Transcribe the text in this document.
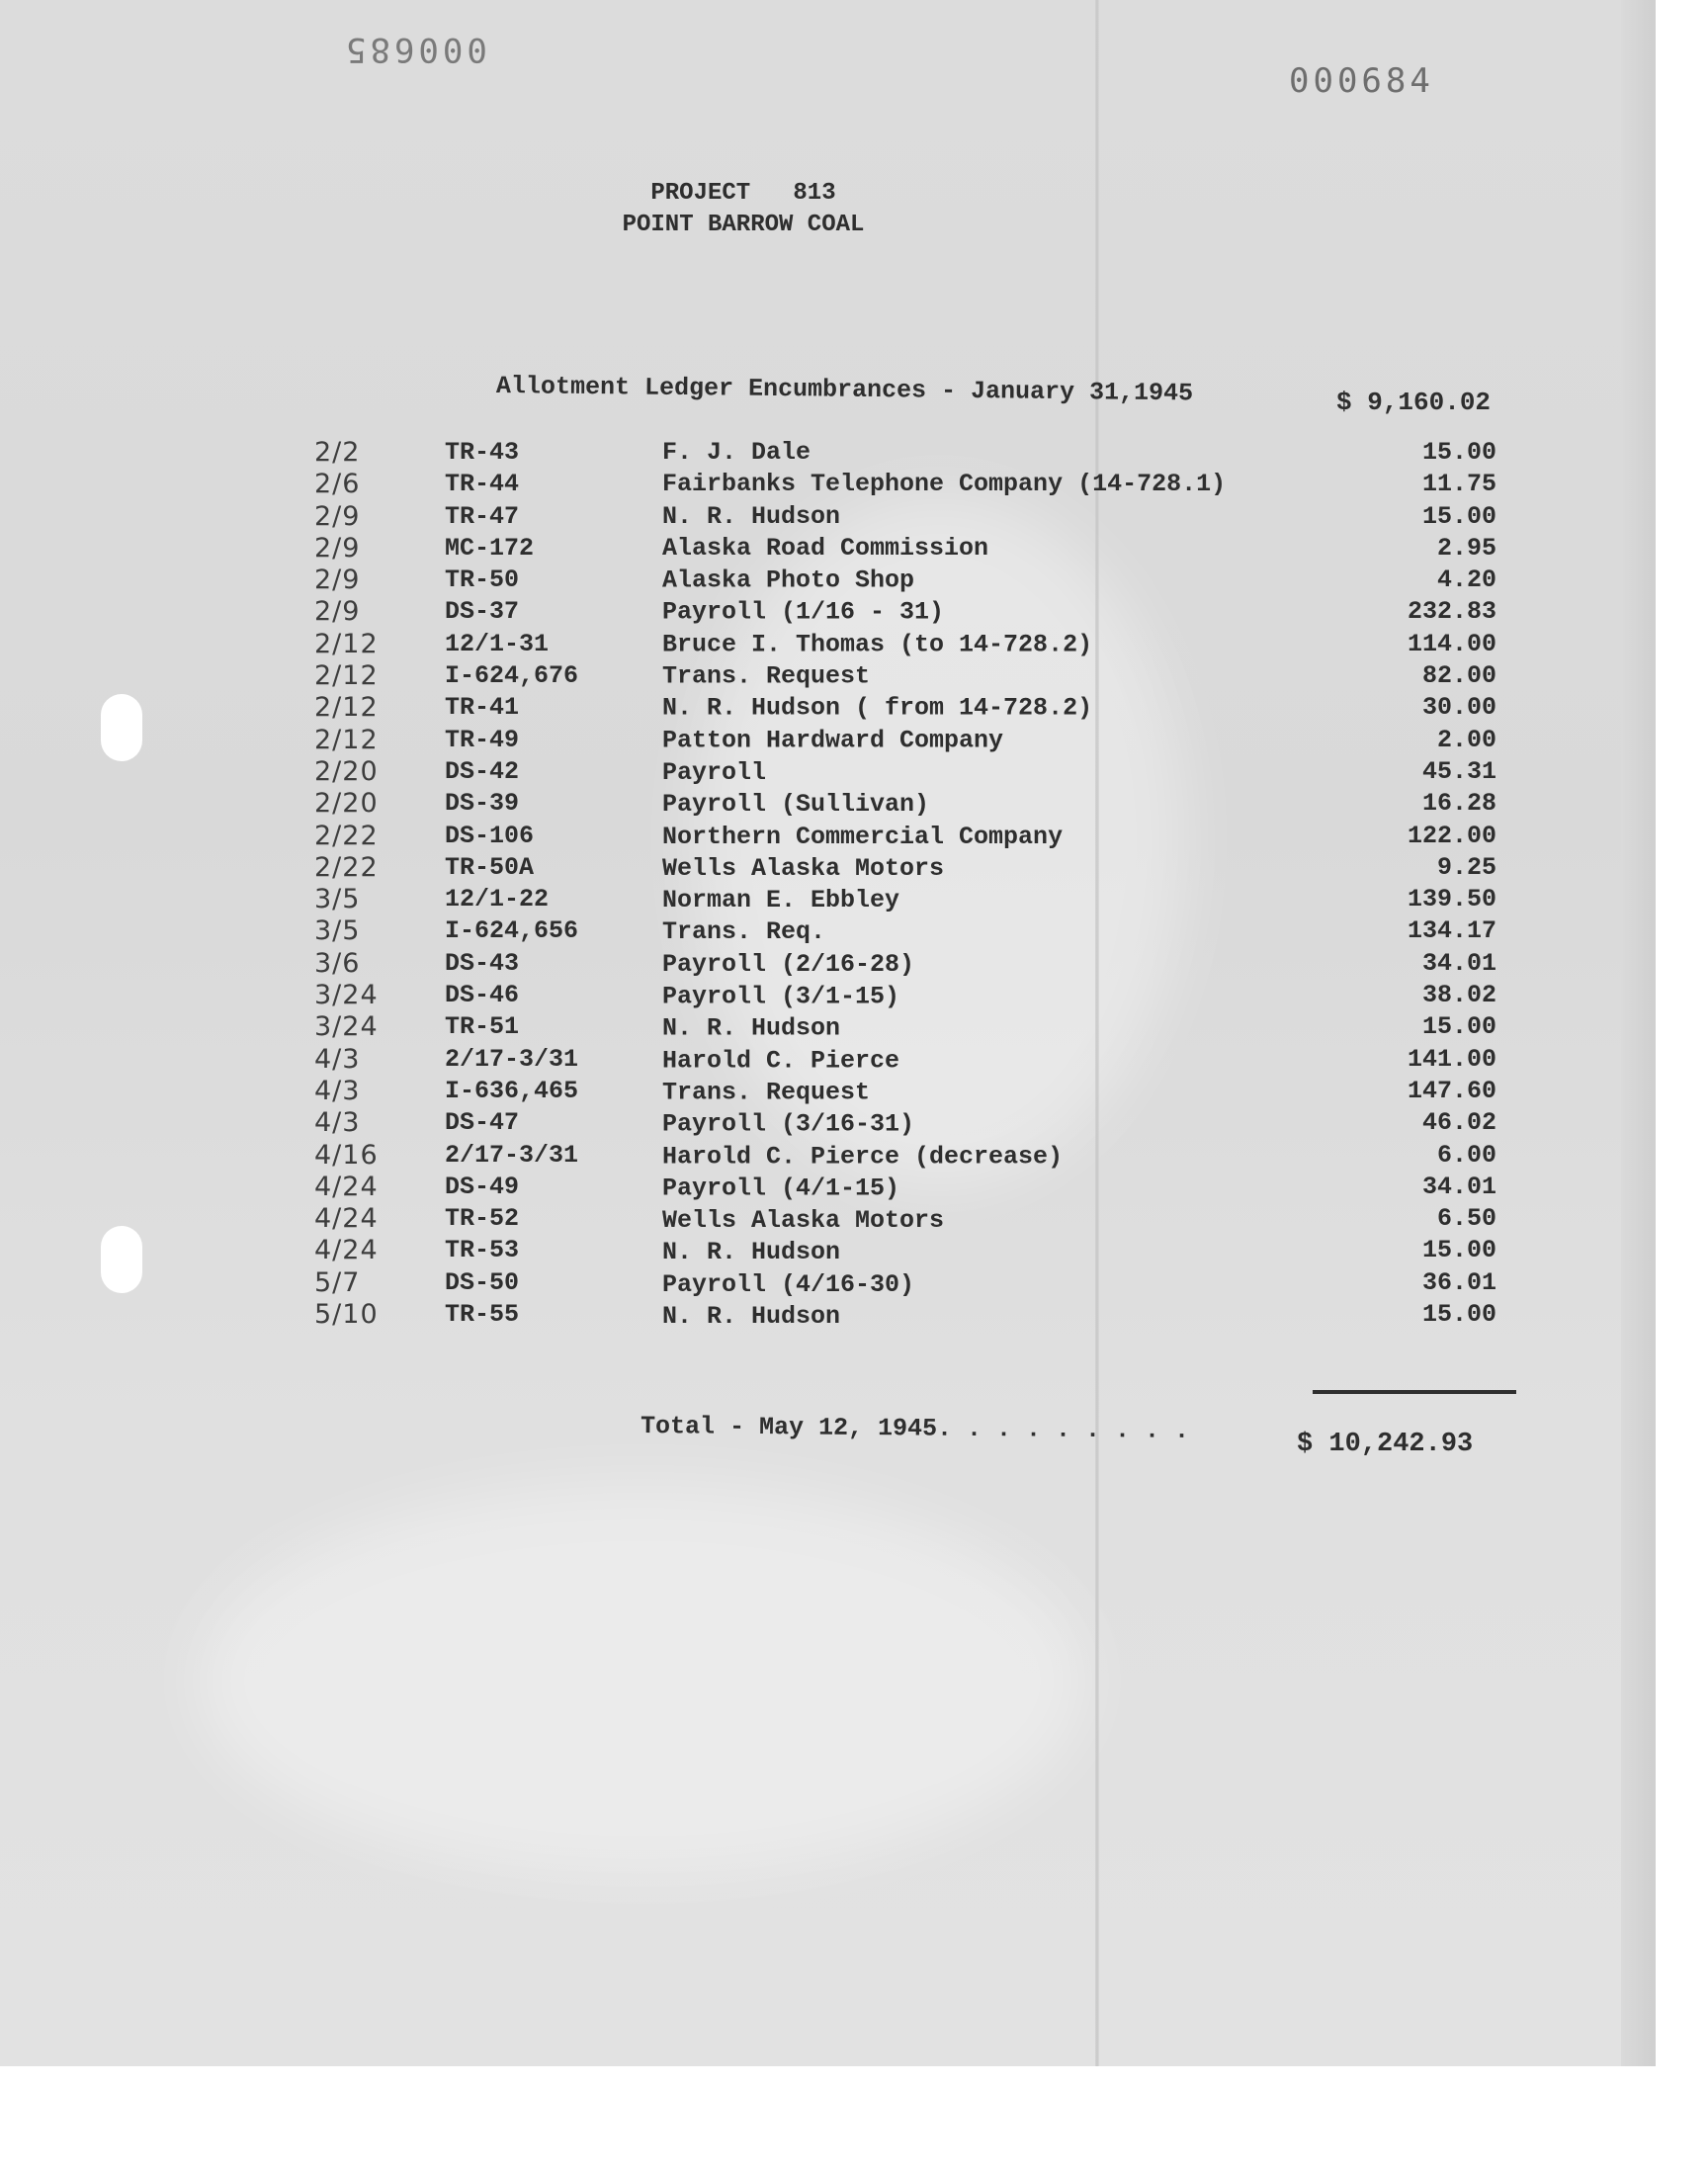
000685
000684
PROJECT   813
POINT BARROW COAL
Allotment Ledger Encumbrances - January 31,1945	$ 9,160.02
2/2	TR-43	F. J. Dale	15.00
2/6	TR-44	Fairbanks Telephone Company (14-728.1)	11.75
2/9	TR-47	N. R. Hudson	15.00
2/9	MC-172	Alaska Road Commission	2.95
2/9	TR-50	Alaska Photo Shop	4.20
2/9	DS-37	Payroll (1/16 - 31)	232.83
2/12	12/1-31	Bruce I. Thomas (to 14-728.2)	114.00
2/12	I-624,676	Trans. Request	82.00
2/12	TR-41	N. R. Hudson ( from 14-728.2)	30.00
2/12	TR-49	Patton Hardward Company	2.00
2/20	DS-42	Payroll	45.31
2/20	DS-39	Payroll (Sullivan)	16.28
2/22	DS-106	Northern Commercial Company	122.00
2/22	TR-50A	Wells Alaska Motors	9.25
3/5	12/1-22	Norman E. Ebbley	139.50
3/5	I-624,656	Trans. Req.	134.17
3/6	DS-43	Payroll (2/16-28)	34.01
3/24	DS-46	Payroll (3/1-15)	38.02
3/24	TR-51	N. R. Hudson	15.00
4/3	2/17-3/31	Harold C. Pierce	141.00
4/3	I-636,465	Trans. Request	147.60
4/3	DS-47	Payroll (3/16-31)	46.02
4/16	2/17-3/31	Harold C. Pierce (decrease)	6.00
4/24	DS-49	Payroll (4/1-15)	34.01
4/24	TR-52	Wells Alaska Motors	6.50
4/24	TR-53	N. R. Hudson	15.00
5/7	DS-50	Payroll (4/16-30)	36.01
5/10	TR-55	N. R. Hudson	15.00
Total - May 12, 1945. . . . . . . . .	$ 10,242.93
